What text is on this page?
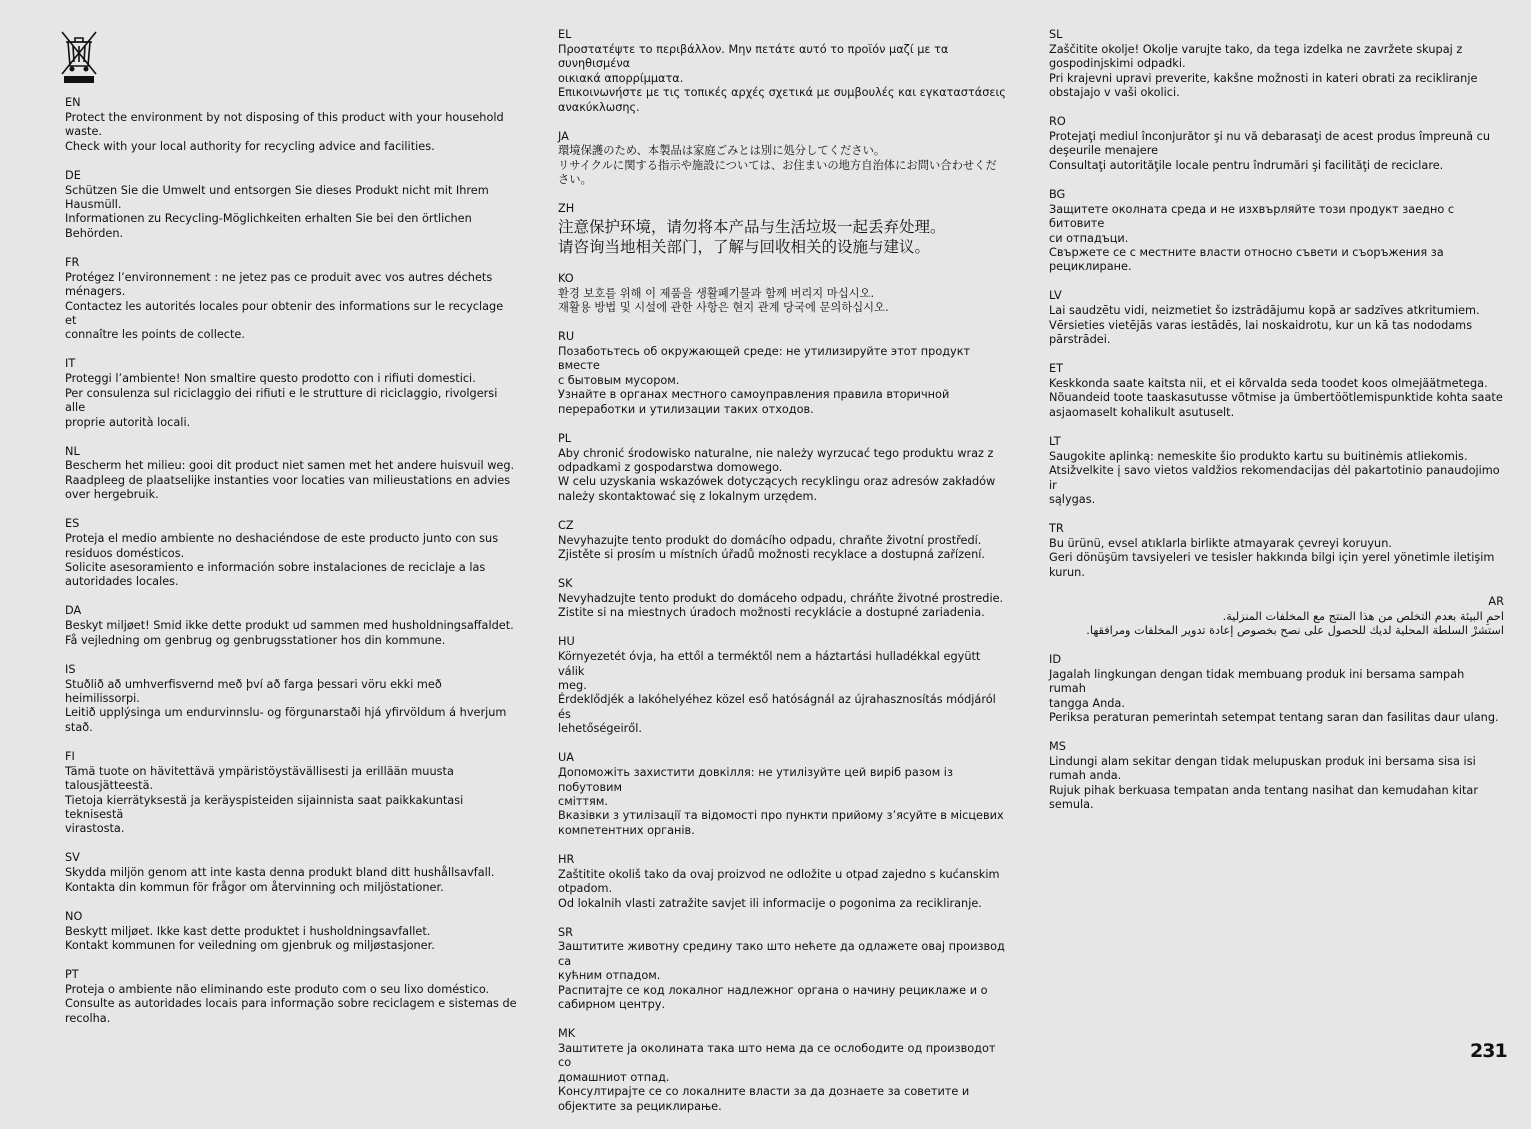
EN
Protect the environment by not disposing of this product with your household
waste.
Check with your local authority for recycling advice and facilities.
DE
Schützen Sie die Umwelt und entsorgen Sie dieses Produkt nicht mit Ihrem
Hausmüll.
Informationen zu Recycling-Möglichkeiten erhalten Sie bei den örtlichen
Behörden.
FR
Protégez l’environnement : ne jetez pas ce produit avec vos autres déchets
ménagers.
Contactez les autorités locales pour obtenir des informations sur le recyclage et
connaître les points de collecte.
IT
Proteggi l’ambiente! Non smaltire questo prodotto con i rifiuti domestici.
Per consulenza sul riciclaggio dei rifiuti e le strutture di riciclaggio, rivolgersi alle
proprie autorità locali.
NL
Bescherm het milieu: gooi dit product niet samen met het andere huisvuil weg.
Raadpleeg de plaatselijke instanties voor locaties van milieustations en advies
over hergebruik.
ES
Proteja el medio ambiente no deshaciéndose de este producto junto con sus
residuos domésticos.
Solicite asesoramiento e información sobre instalaciones de reciclaje a las
autoridades locales.
DA
Beskyt miljøet! Smid ikke dette produkt ud sammen med husholdningsaffaldet.
Få vejledning om genbrug og genbrugsstationer hos din kommune.
IS
Stuðlið að umhverfisvernd með því að farga þessari vöru ekki með heimilissorpi.
Leitið upplýsinga um endurvinnslu- og förgunarstaði hjá yfirvöldum á hverjum
stað.
FI
Tämä tuote on hävitettävä ympäristöystävällisesti ja erillään muusta
talousjätteestä.
Tietoja kierrätyksestä ja keräyspisteiden sijainnista saat paikkakuntasi teknisestä
virastosta.
SV
Skydda miljön genom att inte kasta denna produkt bland ditt hushållsavfall.
Kontakta din kommun för frågor om återvinning och miljöstationer.
NO
Beskytt miljøet. Ikke kast dette produktet i husholdningsavfallet.
Kontakt kommunen for veiledning om gjenbruk og miljøstasjoner.
PT
Proteja o ambiente não eliminando este produto com o seu lixo doméstico.
Consulte as autoridades locais para informação sobre reciclagem e sistemas de
recolha.
EL
Προστατέψτε το περιβάλλον. Μην πετάτε αυτό το προϊόν μαζί με τα συνηθισμένα
οικιακά απορρίμματα.
Επικοινωνήστε με τις τοπικές αρχές σχετικά με συμβουλές και εγκαταστάσεις
ανακύκλωσης.
JA
環境保護のため、本製品は家庭ごみとは別に処分してください。
リサイクルに関する指示や施設については、お住まいの地方自治体にお問い合わせくだ
さい。
ZH
注意保护环境，请勿将本产品与生活垃圾一起丢弃处理。
请咨询当地相关部门，了解与回收相关的设施与建议。
KO
환경 보호를 위해 이 제품을 생활폐기물과 함께 버리지 마십시오.
재활용 방법 및 시설에 관한 사항은 현지 관계 당국에 문의하십시오.
RU
Позаботьтесь об окружающей среде: не утилизируйте этот продукт вместе
с бытовым мусором.
Узнайте в органах местного самоуправления правила вторичной
переработки и утилизации таких отходов.
PL
Aby chronić środowisko naturalne, nie należy wyrzucać tego produktu wraz z
odpadkami z gospodarstwa domowego.
W celu uzyskania wskazówek dotyczących recyklingu oraz adresów zakładów
należy skontaktować się z lokalnym urzędem.

CZ
Nevyhazujte tento produkt do domácího odpadu, chraňte životní prostředí.
Zjistěte si prosím u místních úřadů možnosti recyklace a dostupná zařízení.
SK
Nevyhadzujte tento produkt do domáceho odpadu, chráňte životné prostredie.
Zistite si na miestnych úradoch možnosti recyklácie a dostupné zariadenia.
HU
Környezetét óvja, ha ettől a terméktől nem a háztartási hulladékkal együtt válik
meg.
Érdeklődjék a lakóhelyéhez közel eső hatóságnál az újrahasznosítás módjáról és
lehetőségeiről.
UA
Допоможіть захистити довкілля: не утилізуйте цей виріб разом із побутовим
сміттям.
Вказівки з утилізації та відомості про пункти прийому з’ясуйте в місцевих
компетентних органів.
HR
Zaštitite okoliš tako da ovaj proizvod ne odložite u otpad zajedno s kućanskim
otpadom.
Od lokalnih vlasti zatražite savjet ili informacije o pogonima za recikliranje.
SR
Заштитите животну средину тако што нећете да одлажете овај производ са
кућним отпадом.
Распитајте се код локалног надлежног органа о начину рециклаже и о
сабирном центру.
MK
Заштитете ја околината така што нема да се ослободите од производот со
домашниот отпад.
Консултирајте се со локалните власти за да дознаете за советите и
објектите за рециклирање.
SL
Zaščitite okolje! Okolje varujte tako, da tega izdelka ne zavržete skupaj z
gospodinjskimi odpadki.
Pri krajevni upravi preverite, kakšne možnosti in kateri obrati za recikliranje
obstajajo v vaši okolici.
RO
Protejaţi mediul înconjurător şi nu vă debarasaţi de acest produs împreună cu
deşeurile menajere
Consultaţi autorităţile locale pentru îndrumări şi facilităţi de reciclare.
BG
Защитете околната среда и не изхвърляйте този продукт заедно с битовите
си отпадъци.
Свържете се с местните власти относно съвети и съоръжения за
рециклиране.
LV
Lai saudzētu vidi, neizmetiet šo izstrādājumu kopā ar sadzīves atkritumiem.
Vērsieties vietējās varas iestādēs, lai noskaidrotu, kur un kā tas nododams
pārstrādei.
ET
Keskkonda saate kaitsta nii, et ei kõrvalda seda toodet koos olmejäätmetega.
Nõuandeid toote taaskasutusse võtmise ja ümbertöötlemispunktide kohta saate
asjaomaselt kohalikult asutuselt.
LT
Saugokite aplinką: nemeskite šio produkto kartu su buitinėmis atliekomis.
Atsižvelkite į savo vietos valdžios rekomendacijas dėl pakartotinio panaudojimo ir
sąlygas.
TR
Bu ürünü, evsel atıklarla birlikte atmayarak çevreyi koruyun.
Geri dönüşüm tavsiyeleri ve tesisler hakkında bilgi için yerel yönetimle iletişim
kurun.

AR
احمِ البيئة بعدم التخلص من هذا المنتج مع المخلفات المنزلية.
استشرْ السلطة المحلية لديك للحصول على نصح بخصوص إعادة تدوير المخلفات ومرافقها.
ID
Jagalah lingkungan dengan tidak membuang produk ini bersama sampah rumah
tangga Anda.
Periksa peraturan pemerintah setempat tentang saran dan fasilitas daur ulang.
MS
Lindungi alam sekitar dengan tidak melupuskan produk ini bersama sisa isi
rumah anda.
Rujuk pihak berkuasa tempatan anda tentang nasihat dan kemudahan kitar
semula.
231
